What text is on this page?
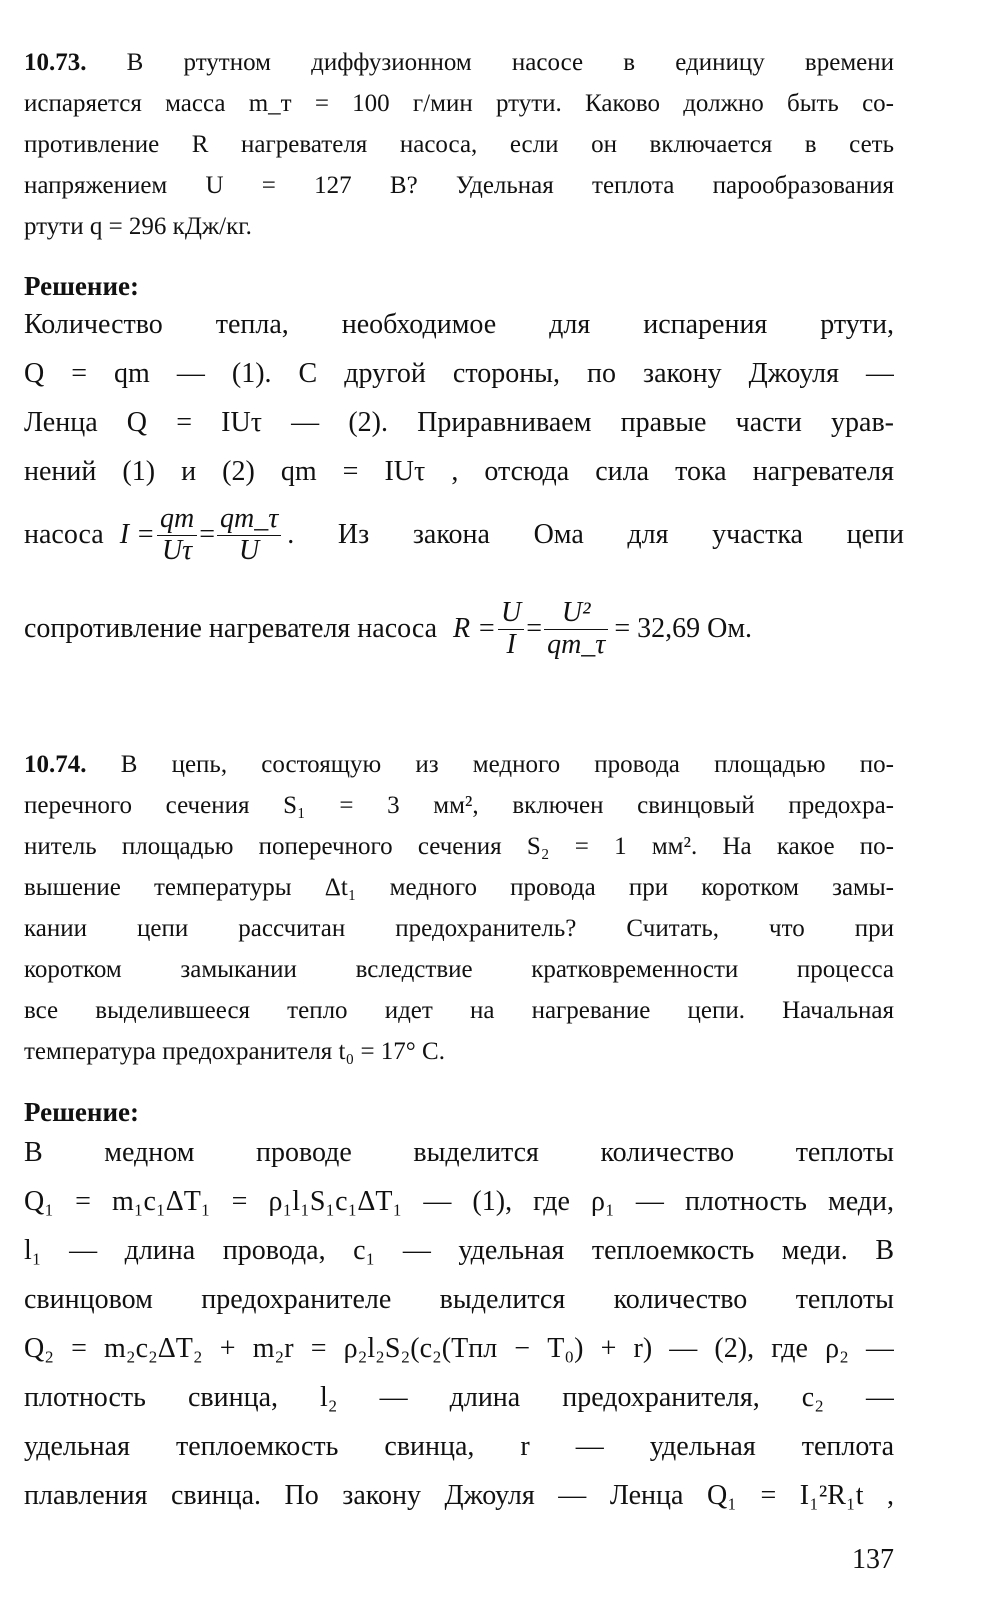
10.73. В ртутном диффузионном насосе в единицу времени
испаряется масса m_т = 100 г/мин ртути. Каково должно быть со-
противление R нагревателя насоса, если он включается в сеть
напряжением U = 127 В? Удельная теплота парообразования
ртути q = 296 кДж/кг.
Решение:
Количество тепла, необходимое для испарения ртути,
Q = qm — (1). С другой стороны, по закону Джоуля —
Ленца Q = IUτ — (2). Приравниваем правые части урав-
нений (1) и (2) qm = IUτ , отсюда сила тока нагревателя
насоса $I = \frac{qm}{U\tau} = \frac{qm\_\tau}{U}$ . Из закона Ома для участка цепи
сопротивление нагревателя насоса $R = \frac{U}{I} = \frac{\text{U²}}{qm\_\tau} = 32,69$ Ом.
10.74. В цепь, состоящую из медного провода площадью по-
перечного сечения S₁ = 3 мм², включен свинцовый предохра-
нитель площадью поперечного сечения S₂ = 1 мм². На какое по-
вышение температуры Δt₁ медного провода при коротком замы-
кании цепи рассчитан предохранитель? Считать, что при
коротком замыкании вследствие кратковременности процесса
все выделившееся тепло идет на нагревание цепи. Начальная
температура предохранителя t₀ = 17° С.
Решение:
В медном проводе выделится количество теплоты
Q₁ = m₁c₁ΔT₁ = ρ₁l₁S₁c₁ΔT₁ — (1), где ρ₁ — плотность меди,
l₁ — длина провода, c₁ — удельная теплоемкость меди. В
свинцовом предохранителе выделится количество теплоты
Q₂ = m₂c₂ΔT₂ + m₂r = ρ₂l₂S₂(c₂(Tпл − T₀) + r) — (2), где ρ₂ —
плотность свинца, l₂ — длина предохранителя, c₂ —
удельная теплоемкость свинца, r — удельная теплота
плавления свинца. По закону Джоуля — Ленца Q₁ = I₁²R₁t ,
137
